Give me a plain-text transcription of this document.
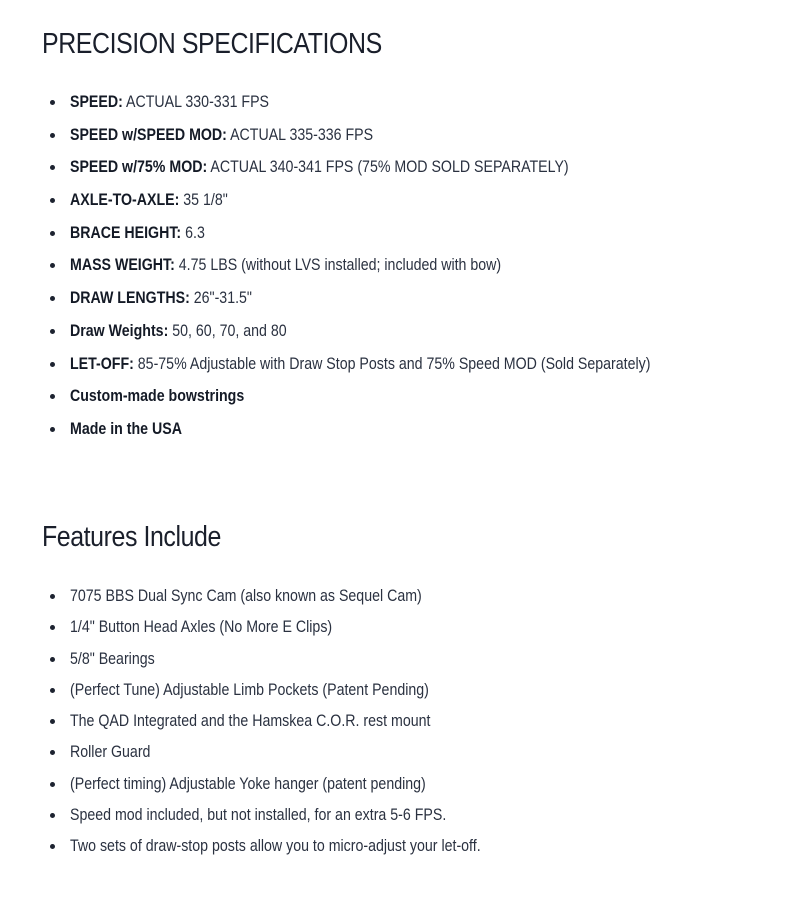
PRECISION SPECIFICATIONS
SPEED: ACTUAL 330-331 FPS
SPEED w/SPEED MOD: ACTUAL 335-336 FPS
SPEED w/75% MOD: ACTUAL 340-341 FPS (75% MOD SOLD SEPARATELY)
AXLE-TO-AXLE: 35 1/8"
BRACE HEIGHT: 6.3
MASS WEIGHT: 4.75 LBS (without LVS installed; included with bow)
DRAW LENGTHS: 26"-31.5"
Draw Weights: 50, 60, 70, and 80
LET-OFF: 85-75% Adjustable with Draw Stop Posts and 75% Speed MOD (Sold Separately)
Custom-made bowstrings
Made in the USA
Features Include
7075 BBS Dual Sync Cam (also known as Sequel Cam)
1/4" Button Head Axles (No More E Clips)
5/8" Bearings
(Perfect Tune) Adjustable Limb Pockets (Patent Pending)
The QAD Integrated and the Hamskea C.O.R. rest mount
Roller Guard
(Perfect timing) Adjustable Yoke hanger (patent pending)
Speed mod included, but not installed, for an extra 5-6 FPS.
Two sets of draw-stop posts allow you to micro-adjust your let-off.
